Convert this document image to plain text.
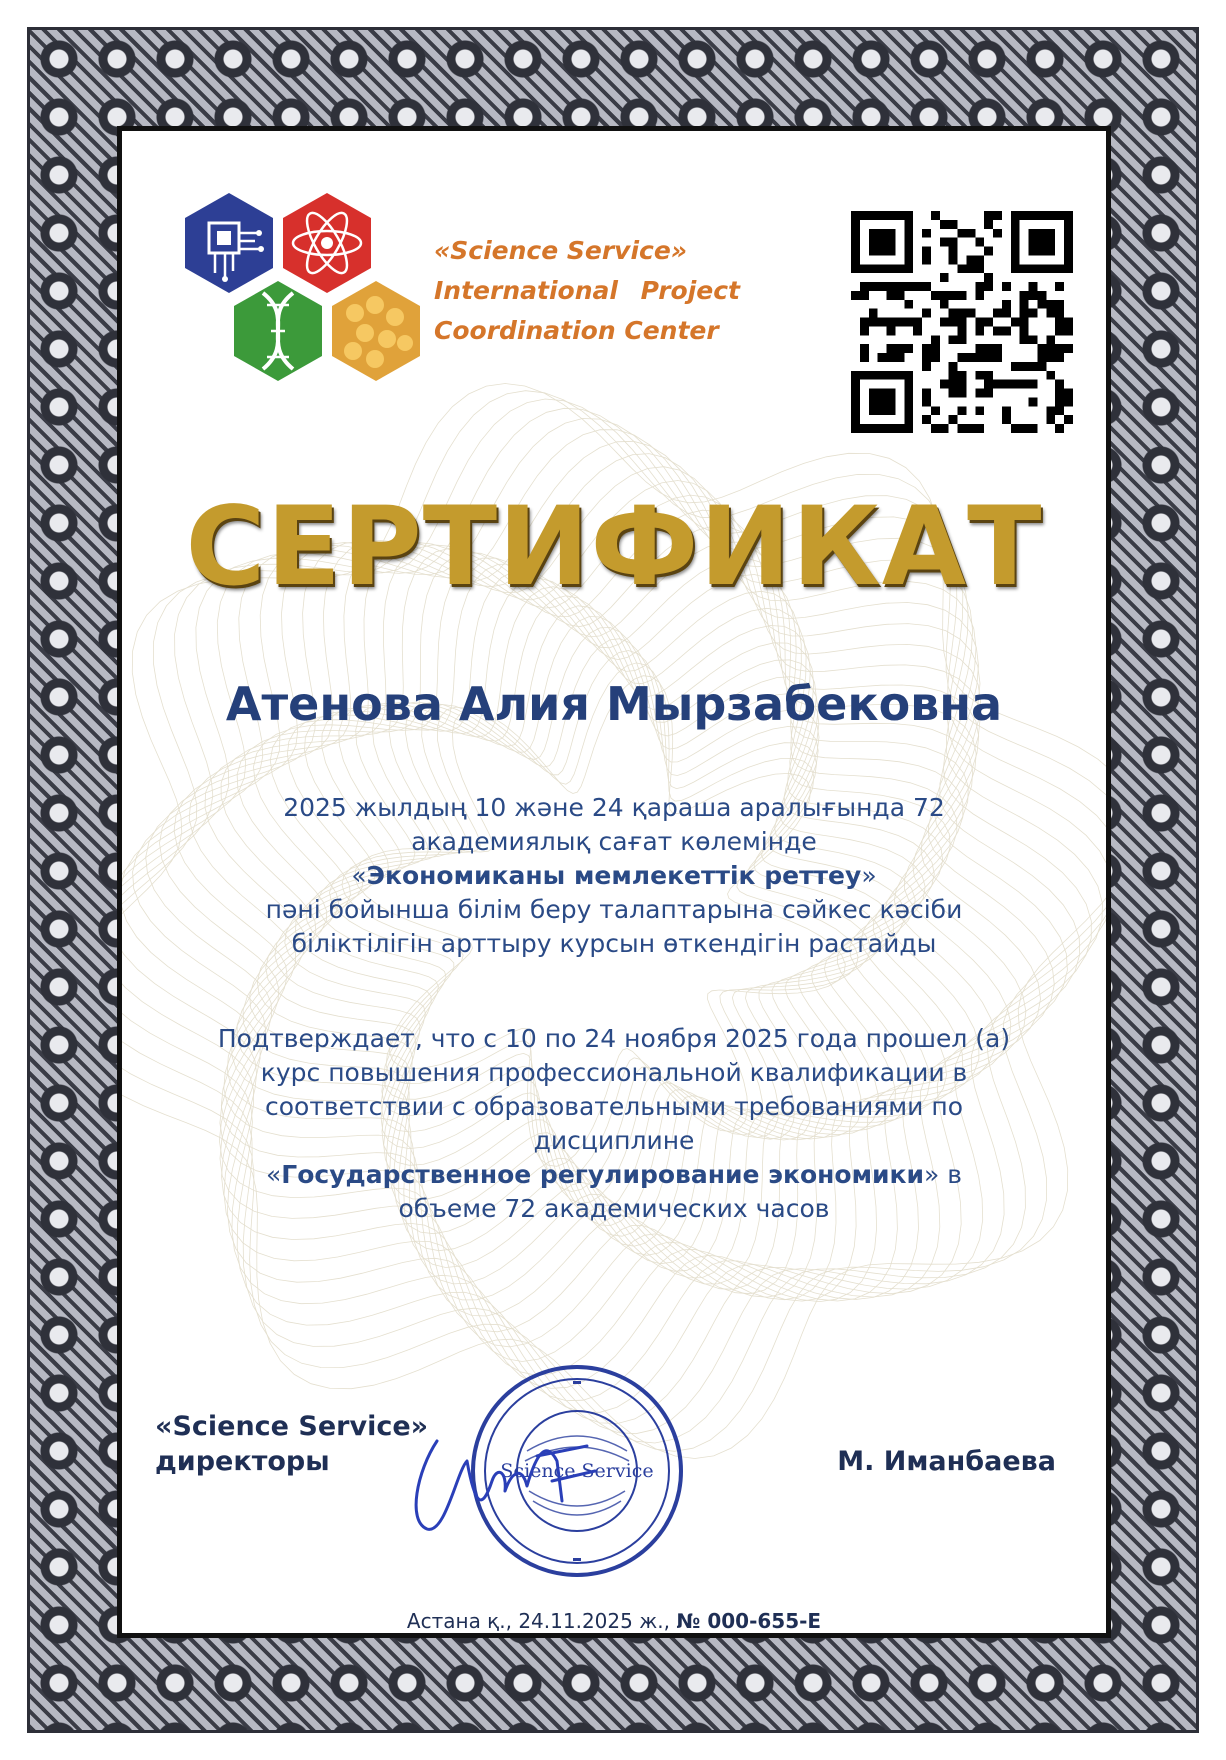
«Science Service»
International Project
Coordination Center
СЕРТИФИКАТ
Атенова Алия Мырзабековна
2025 жылдың 10 және 24 қараша аралығында 72
академиялық сағат көлемінде
«Экономиканы мемлекеттік реттеу»
пәні бойынша білім беру талаптарына сәйкес кәсіби
біліктілігін арттыру курсын өткендігін растайды
Подтверждает, что с 10 по 24 ноября 2025 года прошел (а)
курс повышения профессиональной квалификации в
соответствии с образовательными требованиями по
дисциплине
«Государственное регулирование экономики» в
объеме 72 академических часов
Science Service
«Science Service»
директоры	М. Иманбаева
Астана қ., 24.11.2025 ж., № 000-655-Е
